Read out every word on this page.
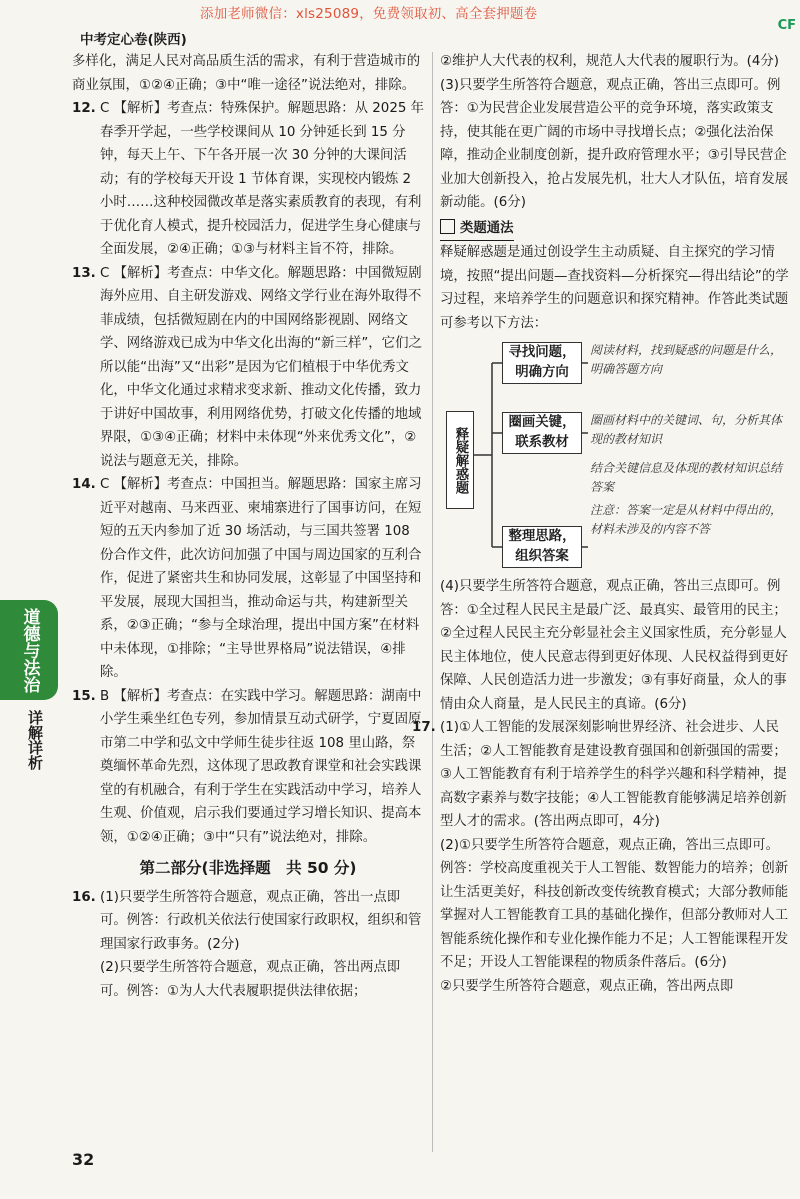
添加老师微信：xls25089，免费领取初、高全套押题卷
中考定心卷(陕西)
CF
道德与法治
详解详析

多样化，满足人民对高品质生活的需求，有利于营造城市的商业氛围，①②④正确；③中“唯一途径”说法绝对，排除。

12. C 【解析】考查点：特殊保护。解题思路：从 2025 年春季开学起，一些学校课间从 10 分钟延长到 15 分钟，每天上午、下午各开展一次 30 分钟的大课间活动；有的学校每天开设 1 节体育课，实现校内锻炼 2 小时……这种校园微改革是落实素质教育的表现，有利于优化育人模式，提升校园活力，促进学生身心健康与全面发展，②④正确；①③与材料主旨不符，排除。

13. C 【解析】考查点：中华文化。解题思路：中国微短剧海外应用、自主研发游戏、网络文学行业在海外取得不菲成绩，包括微短剧在内的中国网络影视剧、网络文学、网络游戏已成为中华文化出海的“新三样”，它们之所以能“出海”又“出彩”是因为它们植根于中华优秀文化，中华文化通过求精求变求新、推动文化传播，致力于讲好中国故事，利用网络优势，打破文化传播的地域界限，①③④正确；材料中未体现“外来优秀文化”，②说法与题意无关，排除。

14. C 【解析】考查点：中国担当。解题思路：国家主席习近平对越南、马来西亚、柬埔寨进行了国事访问，在短短的五天内参加了近 30 场活动，与三国共签署 108 份合作文件，此次访问加强了中国与周边国家的互利合作，促进了紧密共生和协同发展，这彰显了中国坚持和平发展，展现大国担当，推动命运与共，构建新型关系，②③正确；“参与全球治理，提出中国方案”在材料中未体现，①排除；“主导世界格局”说法错误，④排除。

15. B 【解析】考查点：在实践中学习。解题思路：湖南中小学生乘坐红色专列，参加情景互动式研学，宁夏固原市第二中学和弘文中学师生徒步往返 108 里山路，祭奠缅怀革命先烈，这体现了思政教育课堂和社会实践课堂的有机融合，有利于学生在实践活动中学习，培养人生观、价值观，启示我们要通过学习增长知识、提高本领，①②④正确；③中“只有”说法绝对，排除。

第二部分(非选择题　共 50 分)
16. (1)只要学生所答符合题意，观点正确，答出一点即可。例答：行政机关依法行使国家行政职权，组织和管理国家行政事务。(2分)

(2)只要学生所答符合题意，观点正确，答出两点即可。例答：①为人大代表履职提供法律依据；

②维护人大代表的权利，规范人大代表的履职行为。(4分)

(3)只要学生所答符合题意，观点正确，答出三点即可。例答：①为民营企业发展营造公平的竞争环境，落实政策支持，使其能在更广阔的市场中寻找增长点；②强化法治保障，推动企业制度创新，提升政府管理水平；③引导民营企业加大创新投入，抢占发展先机，壮大人才队伍，培育发展新动能。(6分)

类题通法

释疑解惑题是通过创设学生主动质疑、自主探究的学习情境，按照“提出问题—查找资料—分析探究—得出结论”的学习过程，来培养学生的问题意识和探究精神。作答此类试题可参考以下方法：

释疑解惑题
寻找问题，明确方向
圈画关键，联系教材
整理思路，组织答案
阅读材料，找到疑惑的问题是什么，明确答题方向
圈画材料中的关键词、句，分析其体现的教材知识
结合关键信息及体现的教材知识总结答案
注意：答案一定是从材料中得出的，材料未涉及的内容不答

(4)只要学生所答符合题意，观点正确，答出三点即可。例答：①全过程人民民主是最广泛、最真实、最管用的民主；②全过程人民民主充分彰显社会主义国家性质，充分彰显人民主体地位，使人民意志得到更好体现、人民权益得到更好保障、人民创造活力进一步激发；③有事好商量，众人的事情由众人商量，是人民民主的真谛。(6分)

17. (1)①人工智能的发展深刻影响世界经济、社会进步、人民生活；②人工智能教育是建设教育强国和创新强国的需要；③人工智能教育有利于培养学生的科学兴趣和科学精神，提高数字素养与数字技能；④人工智能教育能够满足培养创新型人才的需求。(答出两点即可，4分)

(2)①只要学生所答符合题意，观点正确，答出三点即可。例答：学校高度重视关于人工智能、数智能力的培养；创新让生活更美好，科技创新改变传统教育模式；大部分教师能掌握对人工智能教育工具的基础化操作，但部分教师对人工智能系统化操作和专业化操作能力不足；人工智能课程开发不足；开设人工智能课程的物质条件落后。(6分)

②只要学生所答符合题意，观点正确，答出两点即

32
